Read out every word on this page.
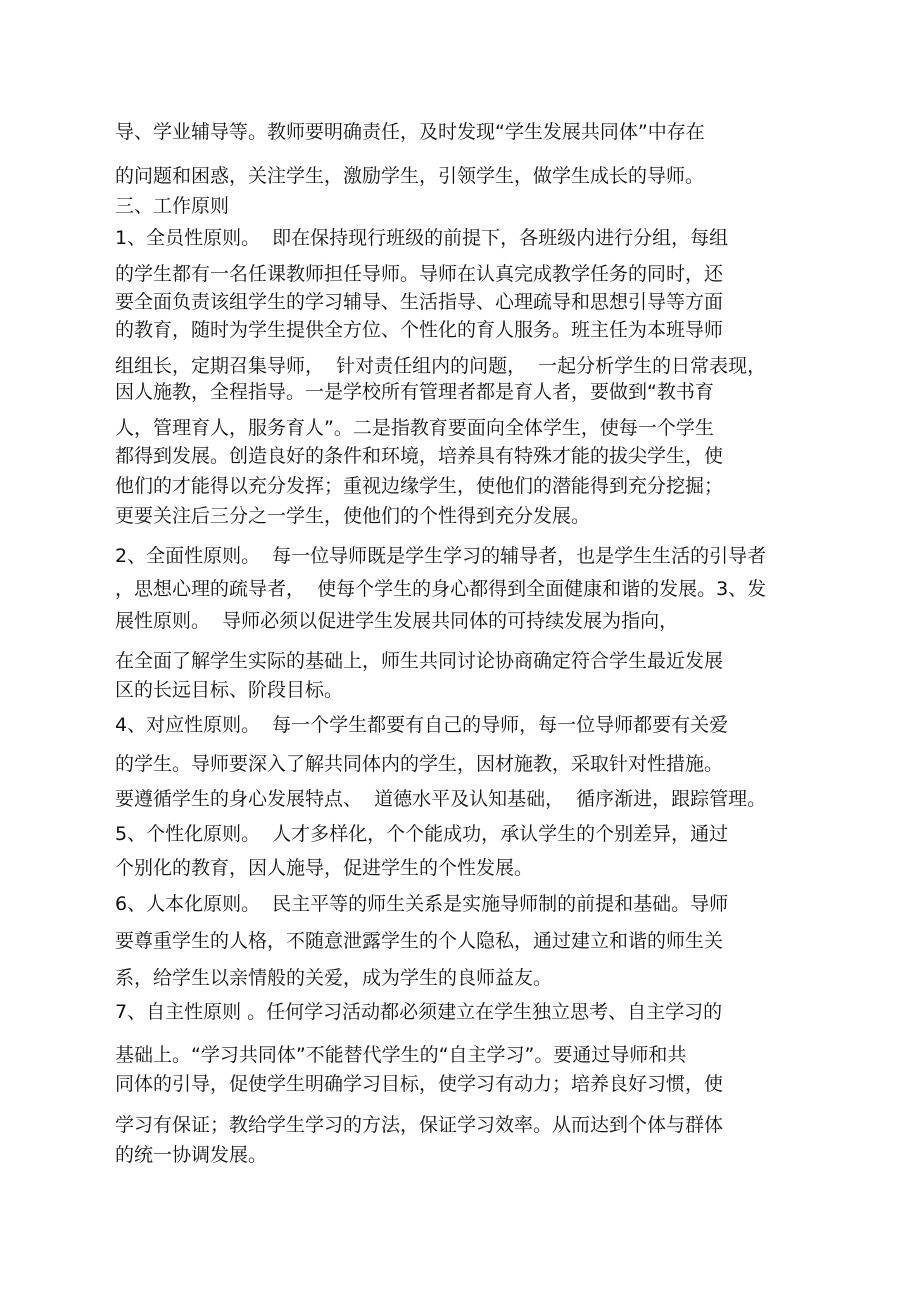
导、学业辅导等。教师要明确责任，及时发现“学生发展共同体”中存在

的问题和困惑，关注学生，激励学生，引领学生，做学生成长的导师。

三、工作原则

1、全员性原则。  即在保持现行班级的前提下，各班级内进行分组，每组

的学生都有一名任课教师担任导师。导师在认真完成教学任务的同时，还

要全面负责该组学生的学习辅导、生活指导、心理疏导和思想引导等方面

的教育，随时为学生提供全方位、个性化的育人服务。班主任为本班导师

组组长，定期召集导师，  针对责任组内的问题，  一起分析学生的日常表现，

因人施教，全程指导。一是学校所有管理者都是育人者，要做到“教书育

人，管理育人，服务育人”。二是指教育要面向全体学生，使每一个学生

都得到发展。创造良好的条件和环境，培养具有特殊才能的拔尖学生，使

他们的才能得以充分发挥；重视边缘学生，使他们的潜能得到充分挖掘；

更要关注后三分之一学生，使他们的个性得到充分发展。

2、全面性原则。  每一位导师既是学生学习的辅导者，也是学生生活的引导者

，思想心理的疏导者，  使每个学生的身心都得到全面健康和谐的发展。3、发

展性原则。  导师必须以促进学生发展共同体的可持续发展为指向，

在全面了解学生实际的基础上，师生共同讨论协商确定符合学生最近发展

区的长远目标、阶段目标。

4、对应性原则。  每一个学生都要有自己的导师，每一位导师都要有关爱

的学生。导师要深入了解共同体内的学生，因材施教，采取针对性措施。

要遵循学生的身心发展特点、  道德水平及认知基础，  循序渐进，跟踪管理。

5、个性化原则。  人才多样化，个个能成功，承认学生的个别差异，通过

个别化的教育，因人施导，促进学生的个性发展。

6、人本化原则。  民主平等的师生关系是实施导师制的前提和基础。导师

要尊重学生的人格，不随意泄露学生的个人隐私，通过建立和谐的师生关

系，给学生以亲情般的关爱，成为学生的良师益友。

7、自主性原则 。任何学习活动都必须建立在学生独立思考、自主学习的

基础上。“学习共同体”不能替代学生的“自主学习”。要通过导师和共

同体的引导，促使学生明确学习目标，使学习有动力；培养良好习惯，使

学习有保证；教给学生学习的方法，保证学习效率。从而达到个体与群体

的统一协调发展。
